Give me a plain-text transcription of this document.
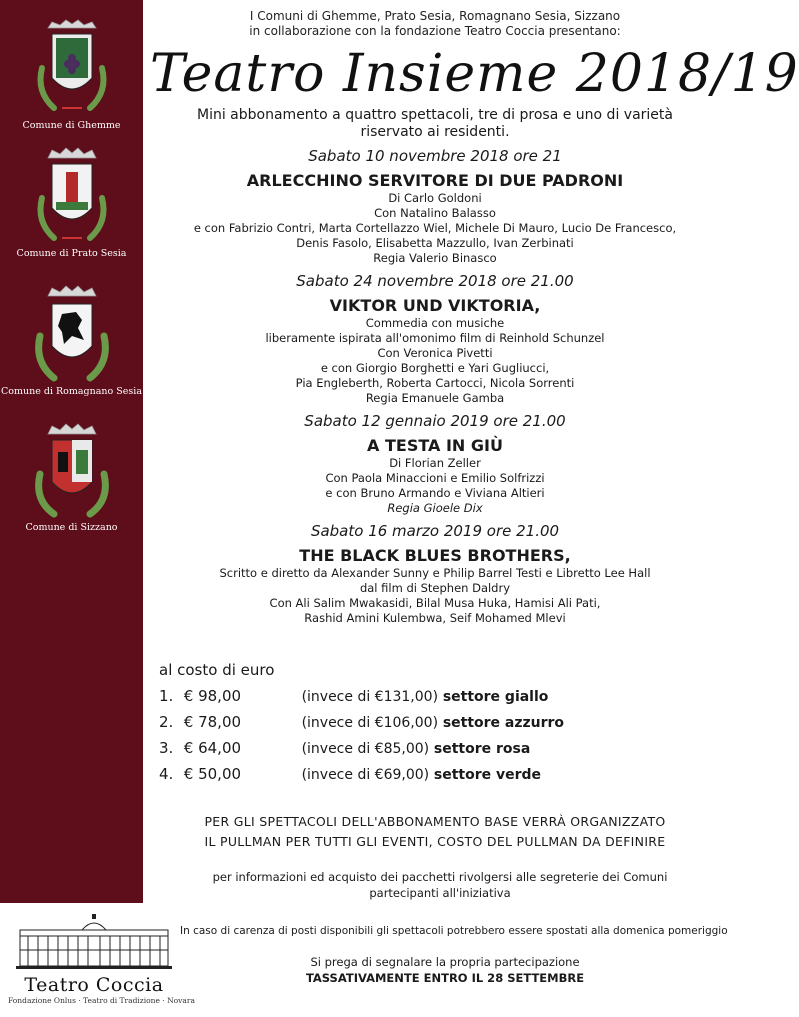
Comune di Ghemme
Comune di Prato Sesia
Comune di Romagnano Sesia
Comune di Sizzano
I Comuni di Ghemme, Prato Sesia, Romagnano Sesia, Sizzano
in collaborazione con la fondazione Teatro Coccia presentano:
Teatro Insieme 2018/19
Mini abbonamento a quattro spettacoli, tre di prosa e uno di varietà
riservato ai residenti.
Sabato 10 novembre 2018 ore 21
ARLECCHINO SERVITORE DI DUE PADRONI
Di Carlo Goldoni
Con Natalino Balasso
e con Fabrizio Contri, Marta Cortellazzo Wiel, Michele Di Mauro, Lucio De Francesco,
Denis Fasolo, Elisabetta Mazzullo, Ivan Zerbinati
Regia Valerio Binasco
Sabato 24 novembre 2018 ore 21.00
VIKTOR UND VIKTORIA,
Commedia con musiche
liberamente ispirata all'omonimo film di Reinhold Schunzel
Con Veronica Pivetti
e con Giorgio Borghetti e Yari Gugliucci,
Pia Engleberth, Roberta Cartocci, Nicola Sorrenti
Regia Emanuele Gamba
Sabato 12 gennaio 2019 ore 21.00
A TESTA IN GIÙ
Di Florian Zeller
Con Paola Minaccioni e Emilio Solfrizzi
e con Bruno Armando e Viviana Altieri
Regia Gioele Dix
Sabato 16 marzo 2019 ore 21.00
THE BLACK BLUES BROTHERS,
Scritto e diretto da Alexander Sunny e Philip Barrel Testi e Libretto Lee Hall
dal film di Stephen Daldry
Con Ali Salim Mwakasidi, Bilal Musa Huka, Hamisi Ali Pati,
Rashid Amini Kulembwa, Seif Mohamed Mlevi
al costo di euro
1. € 98,00	(invece di €131,00) settore giallo
2. € 78,00	(invece di €106,00) settore azzurro
3. € 64,00	(invece di €85,00) settore rosa
4. € 50,00	(invece di €69,00) settore verde
PER GLI SPETTACOLI DELL'ABBONAMENTO BASE VERRÀ ORGANIZZATO
IL PULLMAN PER TUTTI GLI EVENTI, COSTO DEL PULLMAN DA DEFINIRE
per informazioni ed acquisto dei pacchetti rivolgersi alle segreterie dei Comuni
partecipanti all'iniziativa
In caso di carenza di posti disponibili gli spettacoli potrebbero essere spostati alla domenica pomeriggio
Si prega di segnalare la propria partecipazione
TASSATIVAMENTE ENTRO IL 28 SETTEMBRE
Teatro Coccia
Fondazione Onlus · Teatro di Tradizione · Novara
